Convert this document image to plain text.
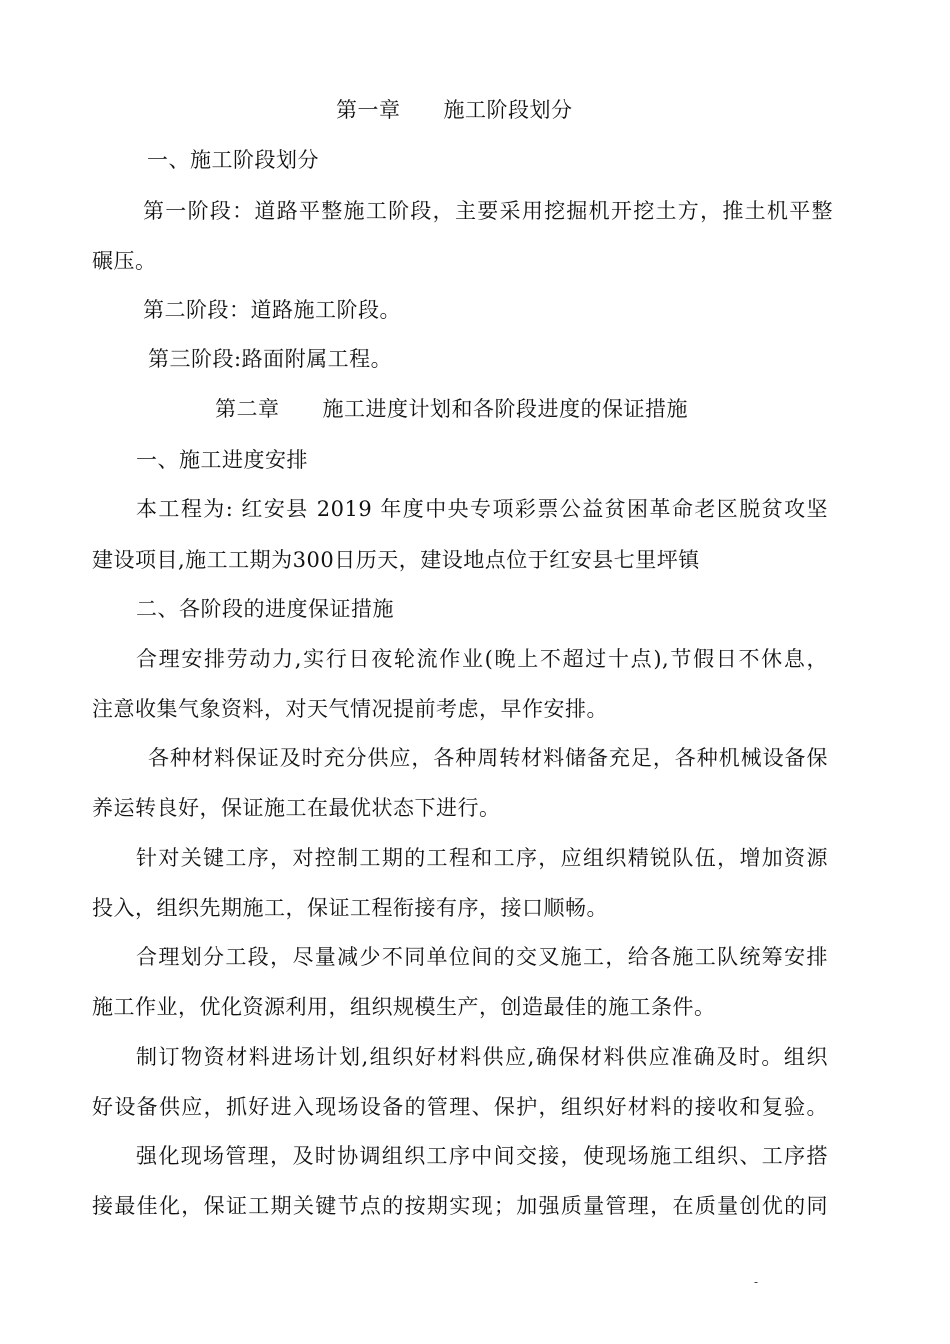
第一章　　施工阶段划分
一、施工阶段划分
第一阶段：道路平整施工阶段，主要采用挖掘机开挖土方，推土机平整
碾压。
第二阶段：道路施工阶段。
第三阶段:路面附属工程。
第二章　　施工进度计划和各阶段进度的保证措施
一、施工进度安排
本工程为: 红安县 2019 年度中央专项彩票公益贫困革命老区脱贫攻坚
建设项目,施工工期为300日历天，建设地点位于红安县七里坪镇
二、各阶段的进度保证措施
合理安排劳动力,实行日夜轮流作业(晚上不超过十点),节假日不休息，
注意收集气象资料，对天气情况提前考虑，早作安排。
各种材料保证及时充分供应，各种周转材料储备充足，各种机械设备保
养运转良好，保证施工在最优状态下进行。
针对关键工序，对控制工期的工程和工序，应组织精锐队伍，增加资源
投入，组织先期施工，保证工程衔接有序，接口顺畅。
合理划分工段，尽量减少不同单位间的交叉施工，给各施工队统筹安排
施工作业，优化资源利用，组织规模生产，创造最佳的施工条件。
制订物资材料进场计划,组织好材料供应,确保材料供应准确及时。组织
好设备供应，抓好进入现场设备的管理、保护，组织好材料的接收和复验。
强化现场管理，及时协调组织工序中间交接，使现场施工组织、工序搭
接最佳化，保证工期关键节点的按期实现；加强质量管理，在质量创优的同
-
